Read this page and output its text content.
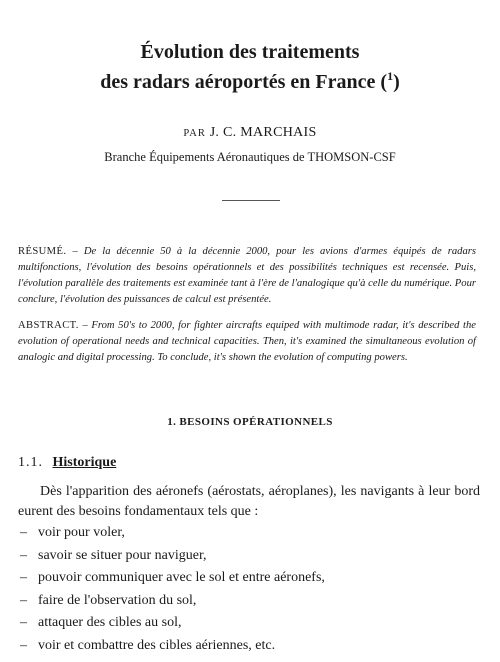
Évolution des traitements
des radars aéroportés en France ($^1$)
PAR J. C. MARCHAIS
Branche Équipements Aéronautiques de THOMSON-CSF

RÉSUMÉ. – De la décennie 50 à la décennie 2000, pour les avions d'armes équipés de radars multifonctions, l'évolution des besoins opérationnels et des possibilités techniques est recensée. Puis, l'évolution parallèle des traitements est examinée tant à l'ère de l'analogique qu'à celle du numérique. Pour conclure, l'évolution des puissances de calcul est présentée.

ABSTRACT. – From 50's to 2000, for fighter aircrafts equiped with multimode radar, it's described the evolution of operational needs and technical capacities. Then, it's examined the simultaneous evolution of analogic and digital processing. To conclude, it's shown the evolution of computing powers.

1. BESOINS OPÉRATIONNELS
1.1. Historique

Dès l'apparition des aéronefs (aérostats, aéroplanes), les navigants à leur bord eurent des besoins fondamentaux tels que :

– voir pour voler,
– savoir se situer pour naviguer,
– pouvoir communiquer avec le sol et entre aéronefs,
– faire de l'observation du sol,
– attaquer des cibles au sol,
– voir et combattre des cibles aériennes, etc.
